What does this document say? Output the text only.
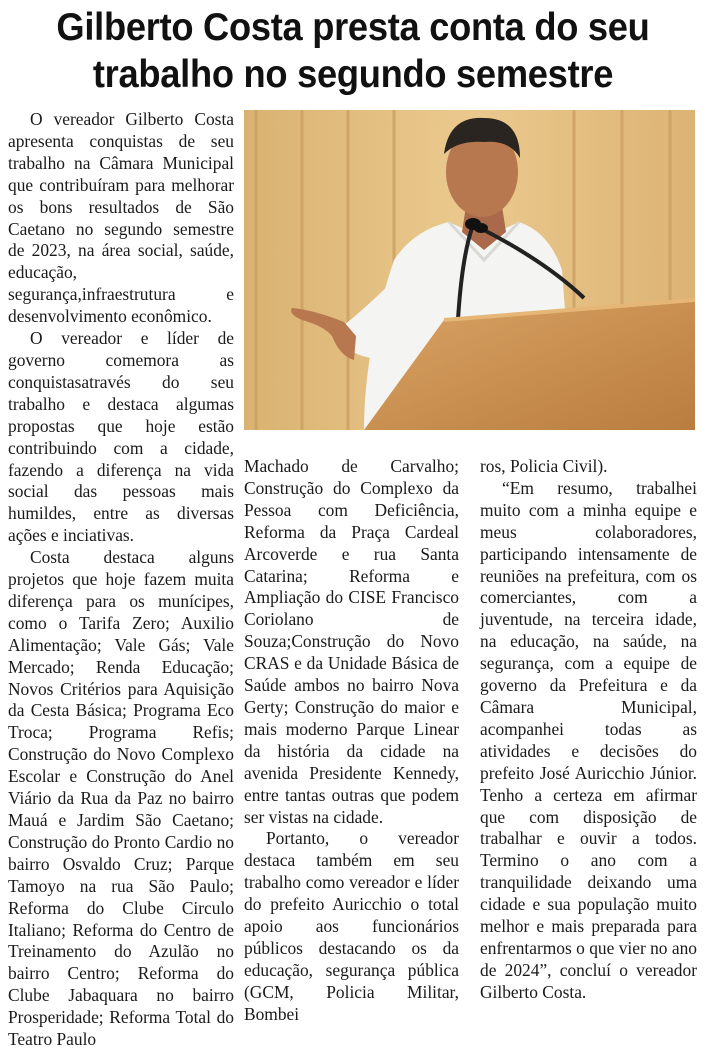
Gilberto Costa presta conta do seu
trabalho no segundo semestre

O vereador Gilberto Costa apresenta conquistas de seu trabalho na Câmara Municipal que contribuíram para melhorar os bons resultados de São Caetano no segundo semestre de 2023, na área social, saúde, educação, segurança,infraestrutura e desenvolvimento econômico.

O vereador e líder de governo comemora as conquistasatravés do seu trabalho e destaca algumas propostas que hoje estão contribuindo com a cidade, fazendo a diferença na vida social das pessoas mais humildes, entre as diversas ações e inciativas.

Costa destaca alguns projetos que hoje fazem muita diferença para os munícipes, como o Tarifa Zero; Auxilio Alimentação; Vale Gás; Vale Mercado; Renda Educação; Novos Critérios para Aquisição da Cesta Básica; Programa Eco Troca; Programa Refis; Construção do Novo Complexo Escolar e Construção do Anel Viário da Rua da Paz no bairro Mauá e Jardim São Caetano; Construção do Pronto Cardio no bairro Osvaldo Cruz; Parque Tamoyo na rua São Paulo; Reforma do Clube Circulo Italiano; Reforma do Centro de Treinamento do Azulão no bairro Centro; Reforma do Clube Jabaquara no bairro Prosperidade; Reforma Total do Teatro Paulo

Machado de Carvalho; Construção do Complexo da Pessoa com Deficiência, Reforma da Praça Cardeal Arcoverde e rua Santa Catarina; Reforma e Ampliação do CISE Francisco Coriolano de Souza;Construção do Novo CRAS e da Unidade Básica de Saúde ambos no bairro Nova Gerty; Construção do maior e mais moderno Parque Linear da história da cidade na avenida Presidente Kennedy, entre tantas outras que podem ser vistas na cidade.

Portanto, o vereador destaca também em seu trabalho como vereador e líder do prefeito Auricchio o total apoio aos funcionários públicos destacando os da educação, segurança pública (GCM, Policia Militar, Bombei

ros, Policia Civil).

“Em resumo, trabalhei muito com a minha equipe e meus colaboradores, participando intensamente de reuniões na prefeitura, com os comerciantes, com a juventude, na terceira idade, na educação, na saúde, na segurança, com a equipe de governo da Prefeitura e da Câmara Municipal, acompanhei todas as atividades e decisões do prefeito José Auricchio Júnior. Tenho a certeza em afirmar que com disposição de trabalhar e ouvir a todos. Termino o ano com a tranquilidade deixando uma cidade e sua população muito melhor e mais preparada para enfrentarmos o que vier no ano de 2024”, concluí o vereador Gilberto Costa.
